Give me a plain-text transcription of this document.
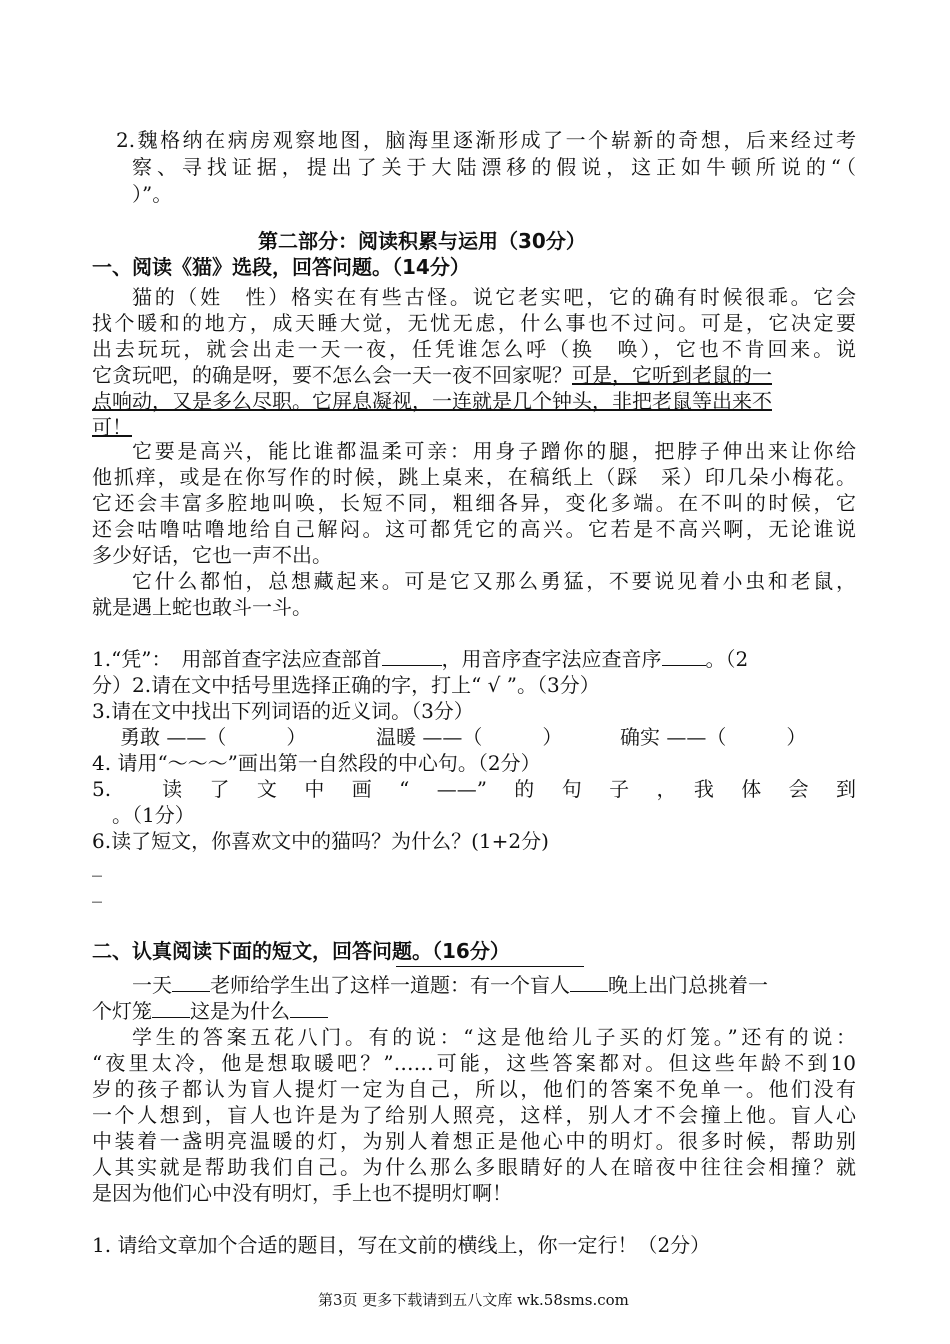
2.魏格纳在病房观察地图，脑海里逐渐形成了一个崭新的奇想，后来经过考
察、寻找证据，提出了关于大陆漂移的假说，这正如牛顿所说的“（
）”。
第二部分：阅读积累与运用（30分）
一、阅读《猫》选段，回答问题。（14分）
猫的（姓　性）格实在有些古怪。说它老实吧，它的确有时候很乖。它会
找个暖和的地方，成天睡大觉，无忧无虑，什么事也不过问。可是，它决定要
出去玩玩，就会出走一天一夜，任凭谁怎么呼（换　唤），它也不肯回来。说
它贪玩吧，的确是呀，要不怎么会一天一夜不回家呢？可是，它听到老鼠的一
点响动，又是多么尽职。它屏息凝视，一连就是几个钟头，非把老鼠等出来不
可！
它要是高兴，能比谁都温柔可亲：用身子蹭你的腿，把脖子伸出来让你给
他抓痒，或是在你写作的时候，跳上桌来，在稿纸上（踩　采）印几朵小梅花。
它还会丰富多腔地叫唤，长短不同，粗细各异，变化多端。在不叫的时候，它
还会咕噜咕噜地给自己解闷。这可都凭它的高兴。它若是不高兴啊，无论谁说
多少好话，它也一声不出。
它什么都怕，总想藏起来。可是它又那么勇猛，不要说见着小虫和老鼠，
就是遇上蛇也敢斗一斗。
1.“凭”：　用部首查字法应查部首	，用音序查字法应查音序 。（2
分）2.请在文中括号里选择正确的字，打上“ √ ”。（3分）
3.请在文中找出下列词语的近义词。（3分）
勇敢 ——（　　　）	温暖 ——（　　　）	确实 ——（　　　）
4. 请用“～～～”画出第一自然段的中心句。（2分）
5.　　读　了　文　中　画　“　——”　的　句　子　，　我　体　会　到
。（1分）
6.读了短文，你喜欢文中的猫吗？为什么？(1+2分)
_
_
二、认真阅读下面的短文，回答问题。（16分）
一天 老师给学生出了这样一道题：有一个盲人 晚上出门总挑着一
个灯笼 这是为什么
学生的答案五花八门。有的说：“这是他给儿子买的灯笼。”还有的说：
“夜里太冷，他是想取暖吧？”……可能，这些答案都对。但这些年龄不到10
岁的孩子都认为盲人提灯一定为自己，所以，他们的答案不免单一。他们没有
一个人想到，盲人也许是为了给别人照亮，这样，别人才不会撞上他。盲人心
中装着一盏明亮温暖的灯，为别人着想正是他心中的明灯。很多时候，帮助别
人其实就是帮助我们自己。为什么那么多眼睛好的人在暗夜中往往会相撞？就
是因为他们心中没有明灯，手上也不提明灯啊！
1. 请给文章加个合适的题目，写在文前的横线上，你一定行！（2分）
第3页 更多下载请到五八文库 wk.58sms.com
